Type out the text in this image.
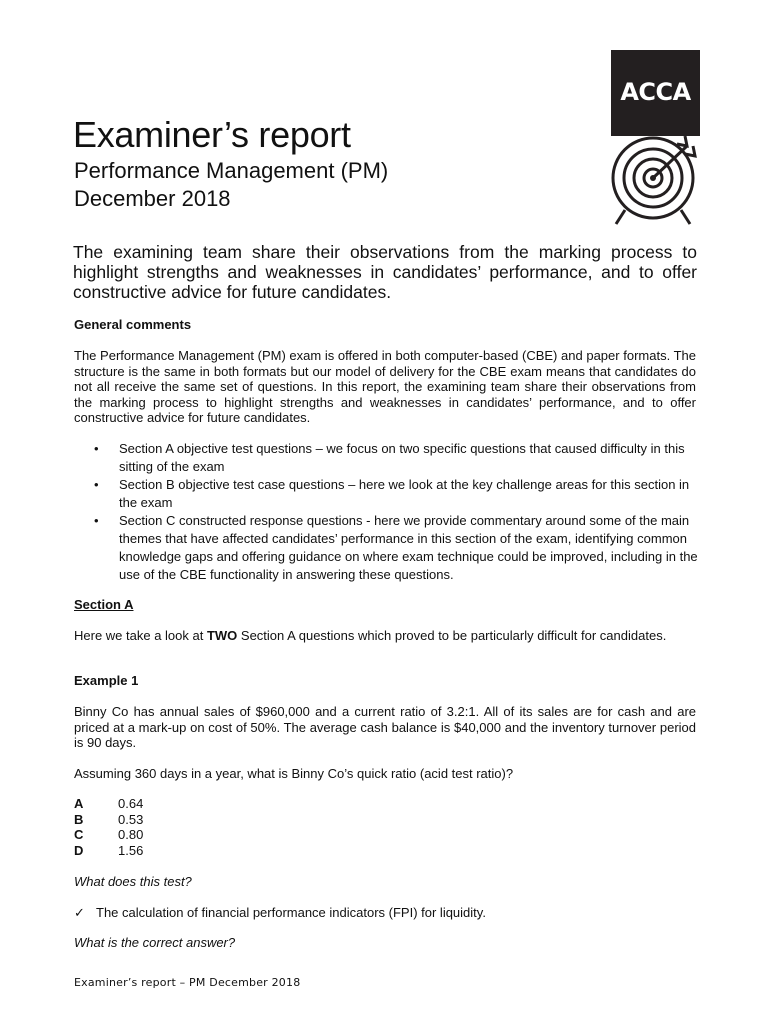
ACCA
Examiner’s report
Performance Management (PM)
December 2018
The examining team share their observations from the marking process to highlight strengths and weaknesses in candidates’ performance, and to offer constructive advice for future candidates.
General comments
The Performance Management (PM) exam is offered in both computer-based (CBE) and paper formats. The structure is the same in both formats but our model of delivery for the CBE exam means that candidates do not all receive the same set of questions. In this report, the examining team share their observations from the marking process to highlight strengths and weaknesses in candidates’ performance, and to offer constructive advice for future candidates.
•	Section A objective test questions – we focus on two specific questions that caused difficulty in this sitting of the exam
•	Section B objective test case questions – here we look at the key challenge areas for this section in the exam
•	Section C constructed response questions - here we provide commentary around some of the main themes that have affected candidates’ performance in this section of the exam, identifying common knowledge gaps and offering guidance on where exam technique could be improved, including in the use of the CBE functionality in answering these questions.
Section A
Here we take a look at TWO Section A questions which proved to be particularly difficult for candidates.
Example 1
Binny Co has annual sales of $960,000 and a current ratio of 3.2:1. All of its sales are for cash and are priced at a mark-up on cost of 50%. The average cash balance is $40,000 and the inventory turnover period is 90 days.
Assuming 360 days in a year, what is Binny Co’s quick ratio (acid test ratio)?
A	0.64
B	0.53
C	0.80
D	1.56
What does this test?
✓ The calculation of financial performance indicators (FPI) for liquidity.
What is the correct answer?
Examiner’s report – PM December 2018
